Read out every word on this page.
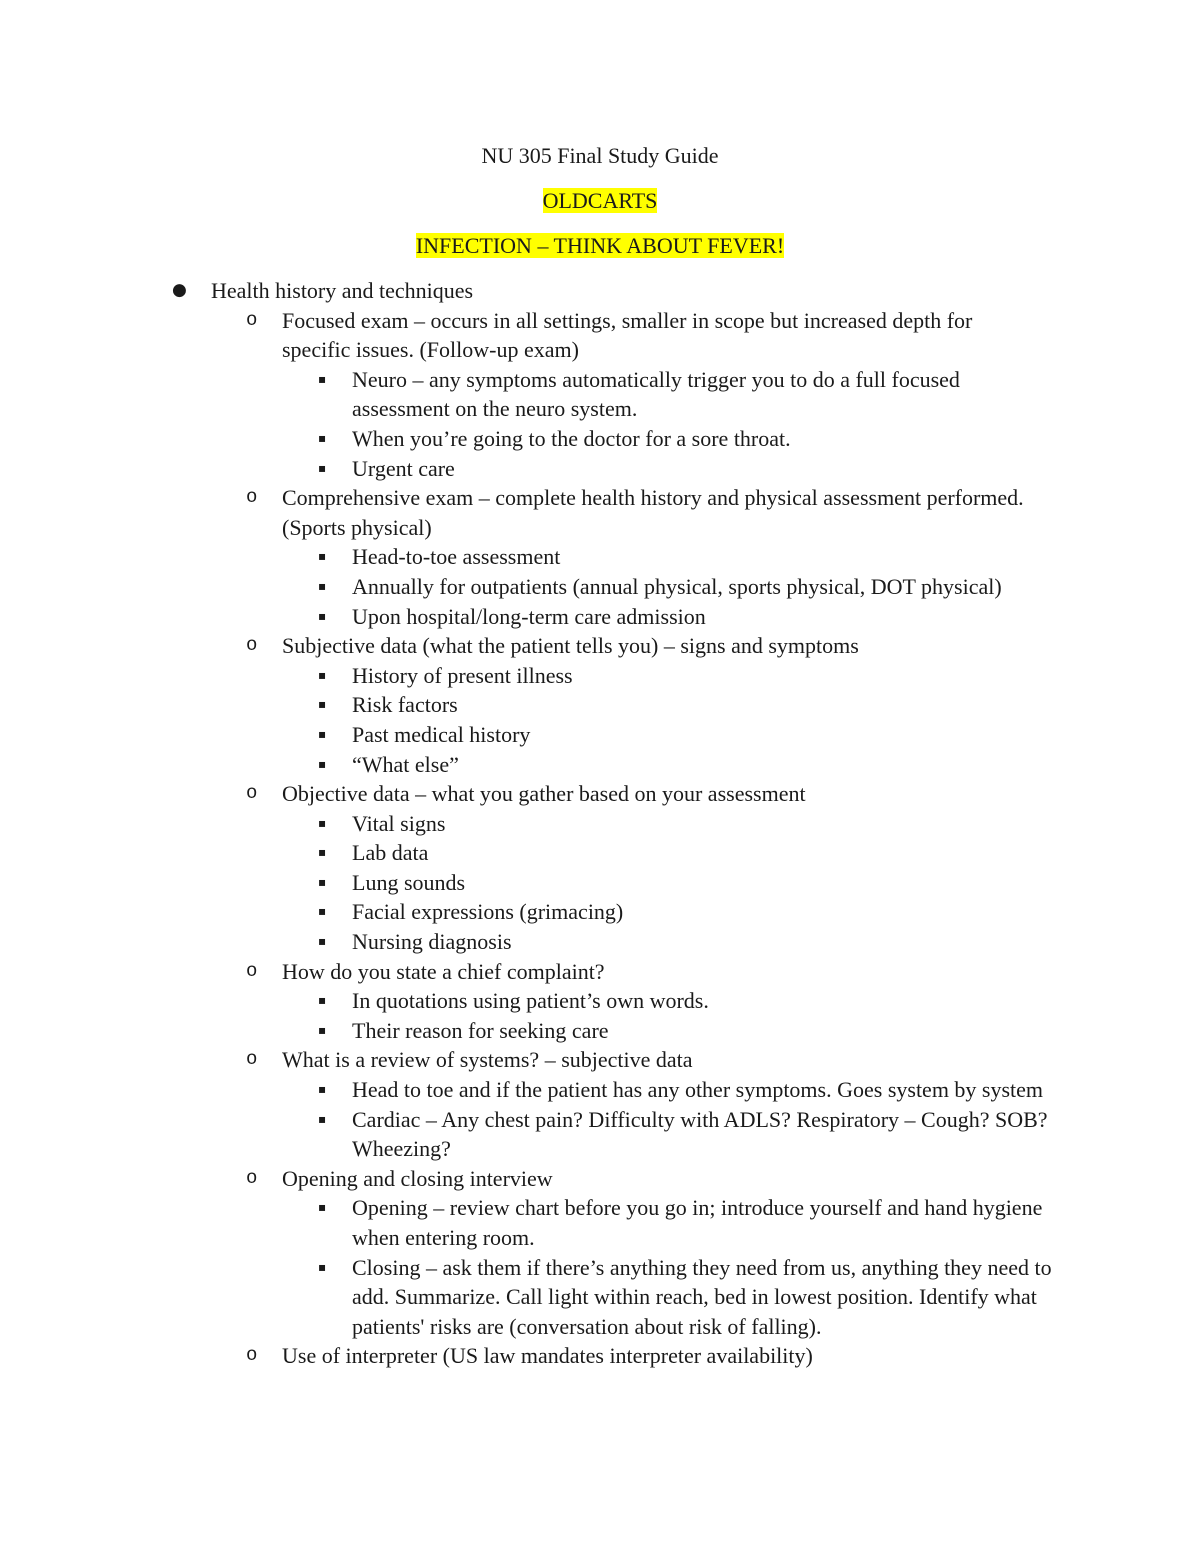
NU 305 Final Study Guide
OLDCARTS
INFECTION – THINK ABOUT FEVER!
● Health history and techniques
o Focused exam – occurs in all settings, smaller in scope but increased depth for specific issues. (Follow-up exam)
▪ Neuro – any symptoms automatically trigger you to do a full focused assessment on the neuro system.
▪ When you’re going to the doctor for a sore throat.
▪ Urgent care
o Comprehensive exam – complete health history and physical assessment performed. (Sports physical)
▪ Head-to-toe assessment
▪ Annually for outpatients (annual physical, sports physical, DOT physical)
▪ Upon hospital/long-term care admission
o Subjective data (what the patient tells you) – signs and symptoms
▪ History of present illness
▪ Risk factors
▪ Past medical history
▪ “What else”
o Objective data – what you gather based on your assessment
▪ Vital signs
▪ Lab data
▪ Lung sounds
▪ Facial expressions (grimacing)
▪ Nursing diagnosis
o How do you state a chief complaint?
▪ In quotations using patient’s own words.
▪ Their reason for seeking care
o What is a review of systems? – subjective data
▪ Head to toe and if the patient has any other symptoms. Goes system by system
▪ Cardiac – Any chest pain? Difficulty with ADLS? Respiratory – Cough? SOB? Wheezing?
o Opening and closing interview
▪ Opening – review chart before you go in; introduce yourself and hand hygiene when entering room.
▪ Closing – ask them if there’s anything they need from us, anything they need to add. Summarize. Call light within reach, bed in lowest position. Identify what patients' risks are (conversation about risk of falling).
o Use of interpreter (US law mandates interpreter availability)
